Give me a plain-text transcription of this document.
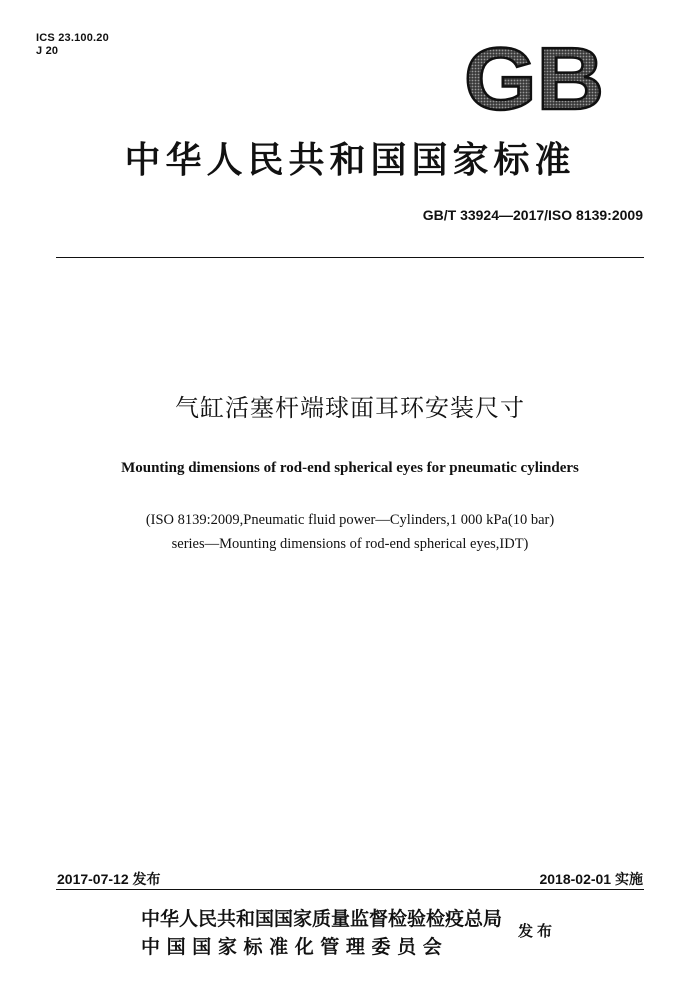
ICS 23.100.20
J 20	GB
中华人民共和国国家标准
GB/T 33924—2017/ISO 8139:2009
气缸活塞杆端球面耳环安装尺寸
Mounting dimensions of rod-end spherical eyes for pneumatic cylinders
(ISO 8139:2009,Pneumatic fluid power—Cylinders,1 000 kPa(10 bar)
series—Mounting dimensions of rod-end spherical eyes,IDT)
2017-07-12 发布	2018-02-01 实施
中华人民共和国国家质量监督检验检疫总局
中 国 国 家 标 准 化 管 理 委 员 会
发布
